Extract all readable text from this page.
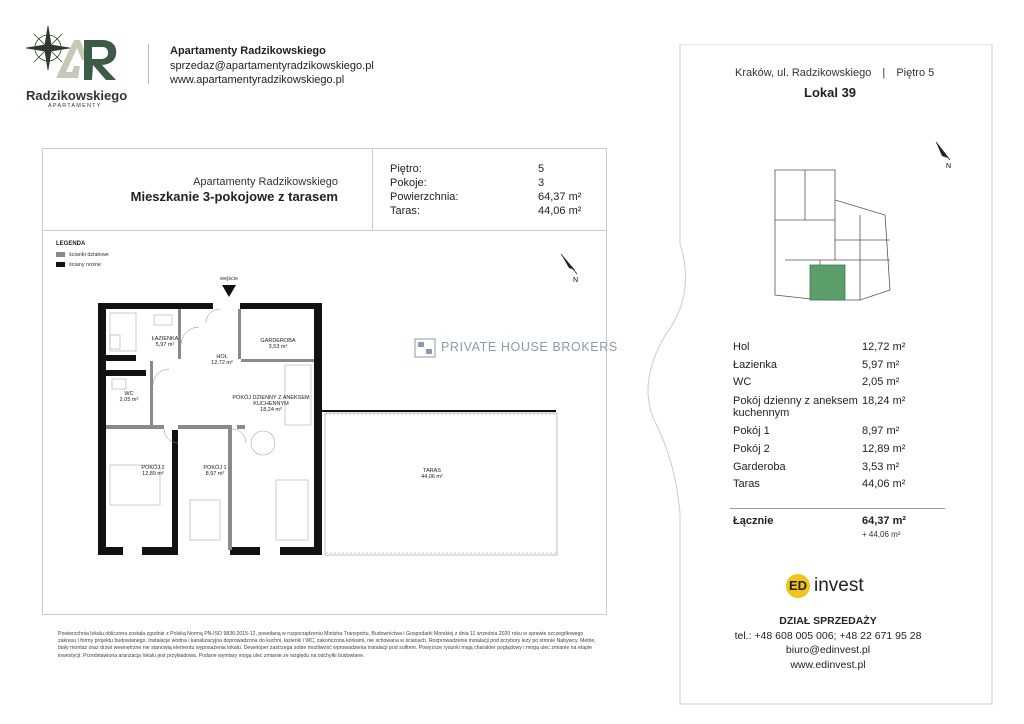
Radzikowskiego
APARTAMENTY
Apartamenty Radzikowskiego
sprzedaz@apartamentyradzikowskiego.pl
www.apartamentyradzikowskiego.pl
Apartamenty Radzikowskiego
Mieszkanie 3-pokojowe z tarasem
Piętro:	5
Pokoje:	3
Powierzchnia:	64,37 m²
Taras:	44,06 m²
LEGENDA
ścianki działowe
ściany nośne
N
wejście
ŁAZIENKA
5,97 m²
GARDEROBA
3,53 m²
HOL
12,72 m²
WC
2,05 m²	POKÓJ DZIENNY Z ANEKSEM KUCHENNYM
18,24 m²
POKÓJ 2
12,89 m²
POKÓJ 1
8,97 m²	TARAS
44,06 m²
PRIVATE HOUSE BROKERS
Powierzchnia lokalu obliczona została zgodnie z Polską Normą PN-ISO 9836:2015-12, powołaną w rozporządzeniu Ministra Transportu, Budownictwa i Gospodarki Morskiej z dnia 11 września 2020 roku w sprawie szczegółowego zakresu i formy projektu budowlanego. Instalacje wodna i kanalizacyjna doprowadzona do kuchni, łazienki i WC, zakończona korkami, nie schowana w ścianach. Rozprowadzenie instalacji pod przybory leży po stronie Nabywcy. Meble, biały montaż oraz drzwi wewnętrzne nie stanowią elementu wyposażenia lokalu. Deweloper zastrzega sobie możliwość wprowadzenia instalacji pod sufitem. Powyższe rysunki mają charakter poglądowy i mogą ulec zmianie na etapie inwestycji. Przedstawiona aranżacja lokalu jest przykładowa. Podane wymiary mogą ulec zmianie ze względu na odchyłki budowlane.
Kraków, ul. Radzikowskiego | Piętro 5
Lokal 39
N
Hol	12,72 m²
Łazienka	5,97 m²
WC	2,05 m²
Pokój dzienny z aneksem kuchennym
18,24 m²
Pokój 1	8,97 m²
Pokój 2	12,89 m²
Garderoba	3,53 m²
Taras	44,06 m²
Łącznie	64,37 m²
+ 44,06 m²
ED invest
DZIAŁ SPRZEDAŻY
tel.: +48 608 005 006; +48 22 671 95 28
biuro@edinvest.pl
www.edinvest.pl
